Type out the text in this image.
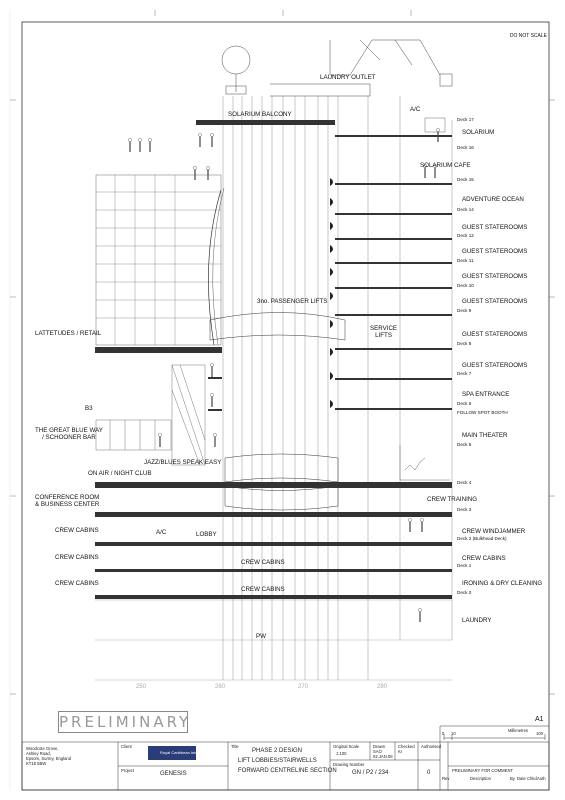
250	260	270	280
DO NOT SCALE
LAUNDRY OUTLET
A/C
SOLARIUM BALCONY
3no. PASSENGER LIFTS
SERVICE
LIFTS
JAZZ/BLUES SPEAK EASY
ON AIR / NIGHT CLUB
A/C	LOBBY
CREW CABINS
CREW CABINS
PW
LATTETUDES / RETAIL
B3
THE GREAT BLUE WAY
/ SCHOONER BAR
CONFERENCE ROOM
& BUSINESS CENTER
CREW CABINS
CREW CABINS
CREW CABINS
Deck 17
SOLARIUM
Deck 16
SOLARIUM CAFE
Deck 15
ADVENTURE OCEAN
Deck 14
GUEST STATEROOMS
Deck 12
GUEST STATEROOMS
Deck 11
GUEST STATEROOMS
Deck 10
GUEST STATEROOMS
Deck 9
GUEST STATEROOMS
Deck 8
GUEST STATEROOMS
Deck 7
SPA ENTRANCE
Deck 6
FOLLOW SPOT BOOTH
MAIN THEATER
Deck 5
Deck 4
CREW TRAINING
Deck 3
CREW WINDJAMMER
Deck 2 (Bulkhead Deck)
CREW CABINS
Deck 1
IRONING & DRY CLEANING
Deck 0
LAUNDRY
PRELIMINARY	A1
Woodcote Grove,
Ashley Road,
Epsom, Surrey, England
KT18 5BW
Client
Royal Caribbean International
Project
GENESIS
Title
PHASE 2 DESIGN
LIFT LOBBIES/STAIRWELLS
FORWARD CENTRELINE SECTION
Original Scale
1:100
Drawn
SAO
02.JAN.08
Checked
KI
Authorised
Drawing Number
GN / P2 / 234	0
0 10	100
Millimetres
PRELIMINARY FOR COMMENT
Rev	Description	By Date Chkd Auth
